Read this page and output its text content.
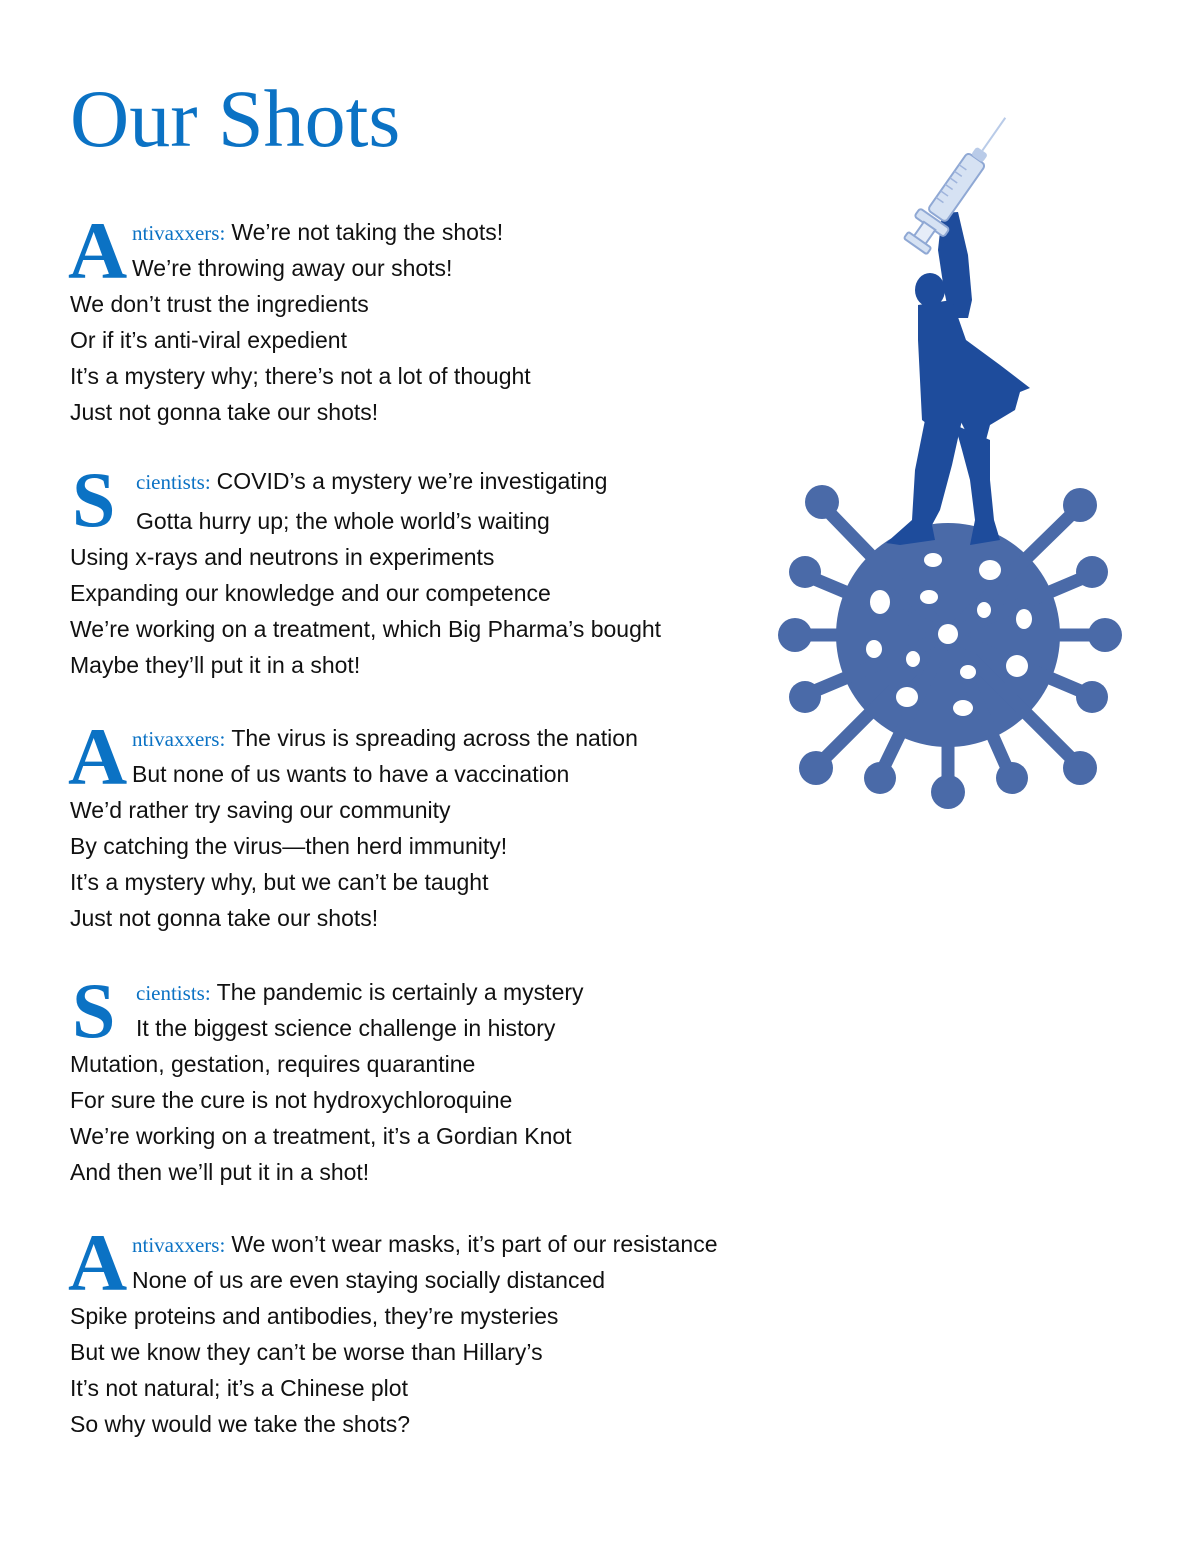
Our Shots
A ntivaxxers: We’re not taking the shots!
We’re throwing away our shots!
We don’t trust the ingredients
Or if it’s anti-viral expedient
It’s a mystery why; there’s not a lot of thought
Just not gonna take our shots!
S cientists: COVID’s a mystery we’re investigating
Gotta hurry up; the whole world’s waiting
Using x-rays and neutrons in experiments
Expanding our knowledge and our competence
We’re working on a treatment, which Big Pharma’s bought
Maybe they’ll put it in a shot!
A ntivaxxers: The virus is spreading across the nation
But none of us wants to have a vaccination
We’d rather try saving our community
By catching the virus—then herd immunity!
It’s a mystery why, but we can’t be taught
Just not gonna take our shots!
S cientists: The pandemic is certainly a mystery
It the biggest science challenge in history
Mutation, gestation, requires quarantine
For sure the cure is not hydroxychloroquine
We’re working on a treatment, it’s a Gordian Knot
And then we’ll put it in a shot!
A ntivaxxers: We won’t wear masks, it’s part of our resistance
None of us are even staying socially distanced
Spike proteins and antibodies, they’re mysteries
But we know they can’t be worse than Hillary’s
It’s not natural; it’s a Chinese plot
So why would we take the shots?
